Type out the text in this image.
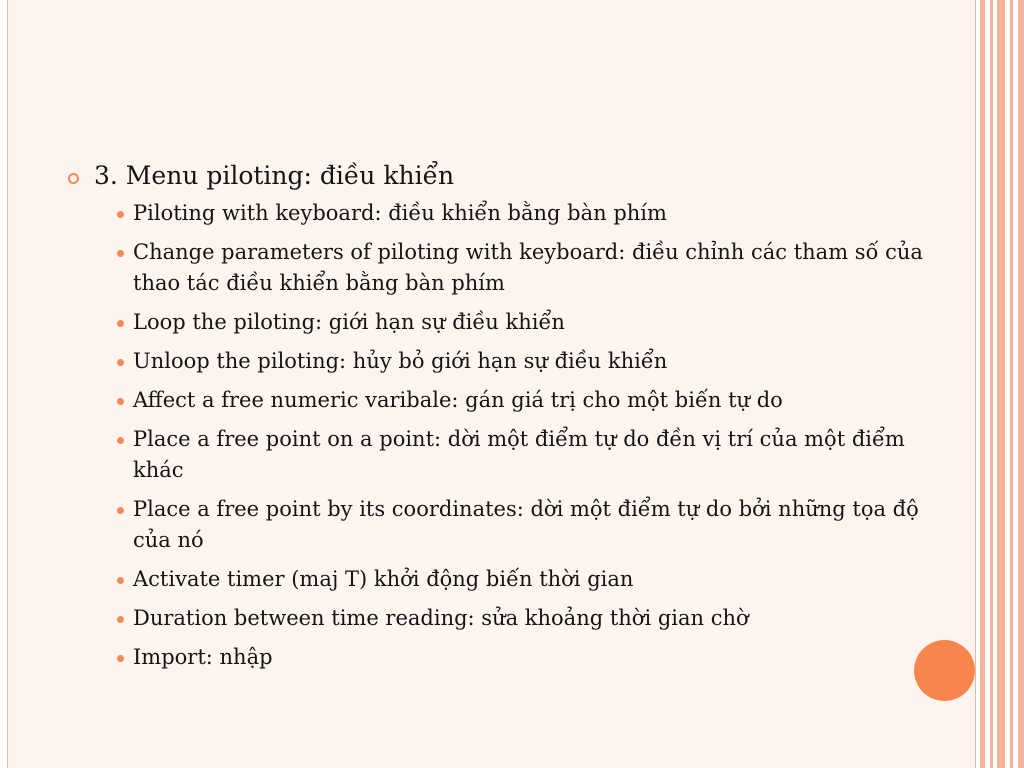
3. Menu piloting: điều khiển
Piloting with keyboard: điều khiển bằng bàn phím
Change parameters of piloting with keyboard: điều chỉnh các tham số của thao tác điều khiển bằng bàn phím
Loop the piloting: giới hạn sự điều khiển
Unloop the piloting: hủy bỏ giới hạn sự điều khiển
Affect a free numeric varibale: gán giá trị cho một biến tự do
Place a free point on a point: dời một điểm tự do đền vị trí của một điểm khác
Place a free point by its coordinates: dời một điểm tự do bởi những tọa độ của nó
Activate timer (maj T) khởi động biến thời gian
Duration between time reading: sửa khoảng thời gian chờ
Import: nhập
